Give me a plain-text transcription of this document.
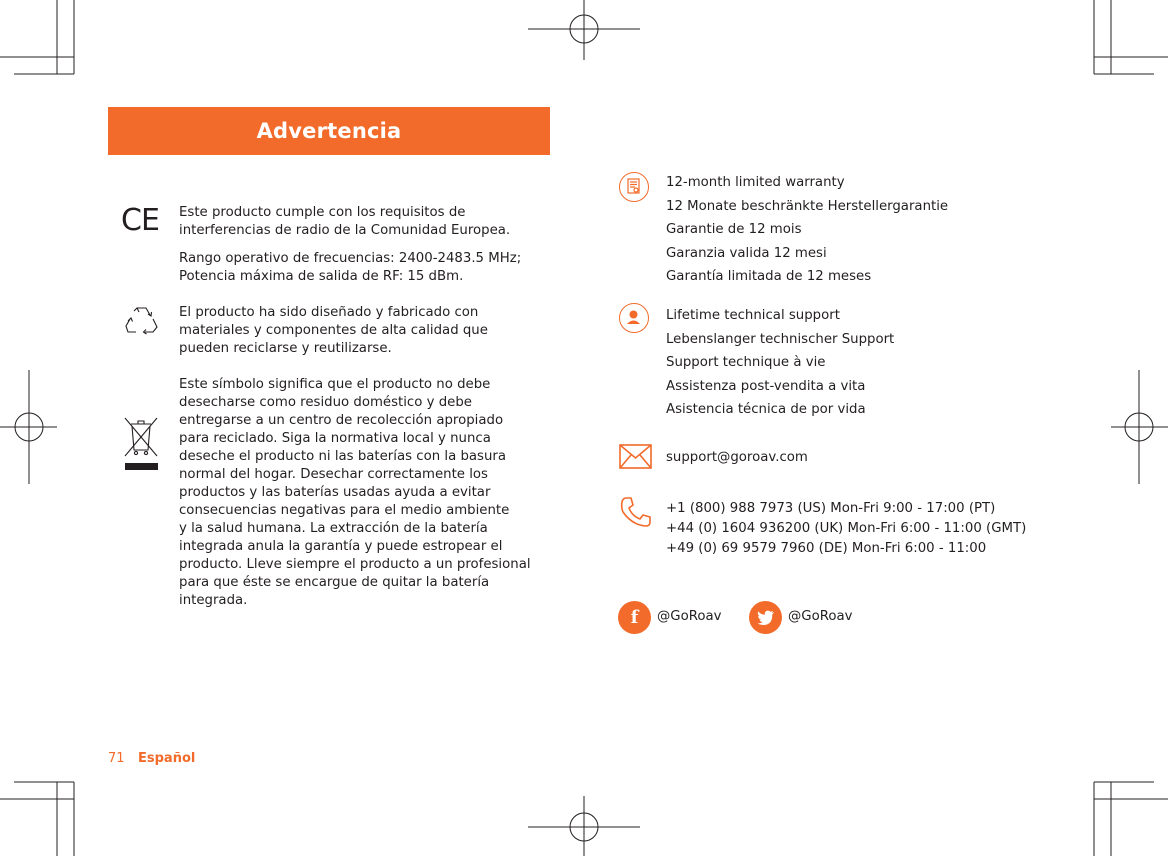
Advertencia
CE Este producto cumple con los requisitos de
interferencias de radio de la Comunidad Europea.
Rango operativo de frecuencias: 2400-2483.5 MHz;
Potencia máxima de salida de RF: 15 dBm.
El producto ha sido diseñado y fabricado con
materiales y componentes de alta calidad que
pueden reciclarse y reutilizarse.
Este símbolo significa que el producto no debe
desecharse como residuo doméstico y debe
entregarse a un centro de recolección apropiado
para reciclado. Siga la normativa local y nunca
deseche el producto ni las baterías con la basura
normal del hogar. Desechar correctamente los
productos y las baterías usadas ayuda a evitar
consecuencias negativas para el medio ambiente
y la salud humana. La extracción de la batería
integrada anula la garantía y puede estropear el
producto. Lleve siempre el producto a un profesional
para que éste se encargue de quitar la batería
integrada.
12-month limited warranty
12 Monate beschränkte Herstellergarantie
Garantie de 12 mois
Garanzia valida 12 mesi
Garantía limitada de 12 meses
Lifetime technical support
Lebenslanger technischer Support
Support technique à vie
Assistenza post-vendita a vita
Asistencia técnica de por vida
support@goroav.com
+1 (800) 988 7973 (US) Mon-Fri 9:00 - 17:00 (PT)
+44 (0) 1604 936200 (UK) Mon-Fri 6:00 - 11:00 (GMT)
+49 (0) 69 9579 7960 (DE) Mon-Fri 6:00 - 11:00
f @GoRoav	@GoRoav
71 Español
